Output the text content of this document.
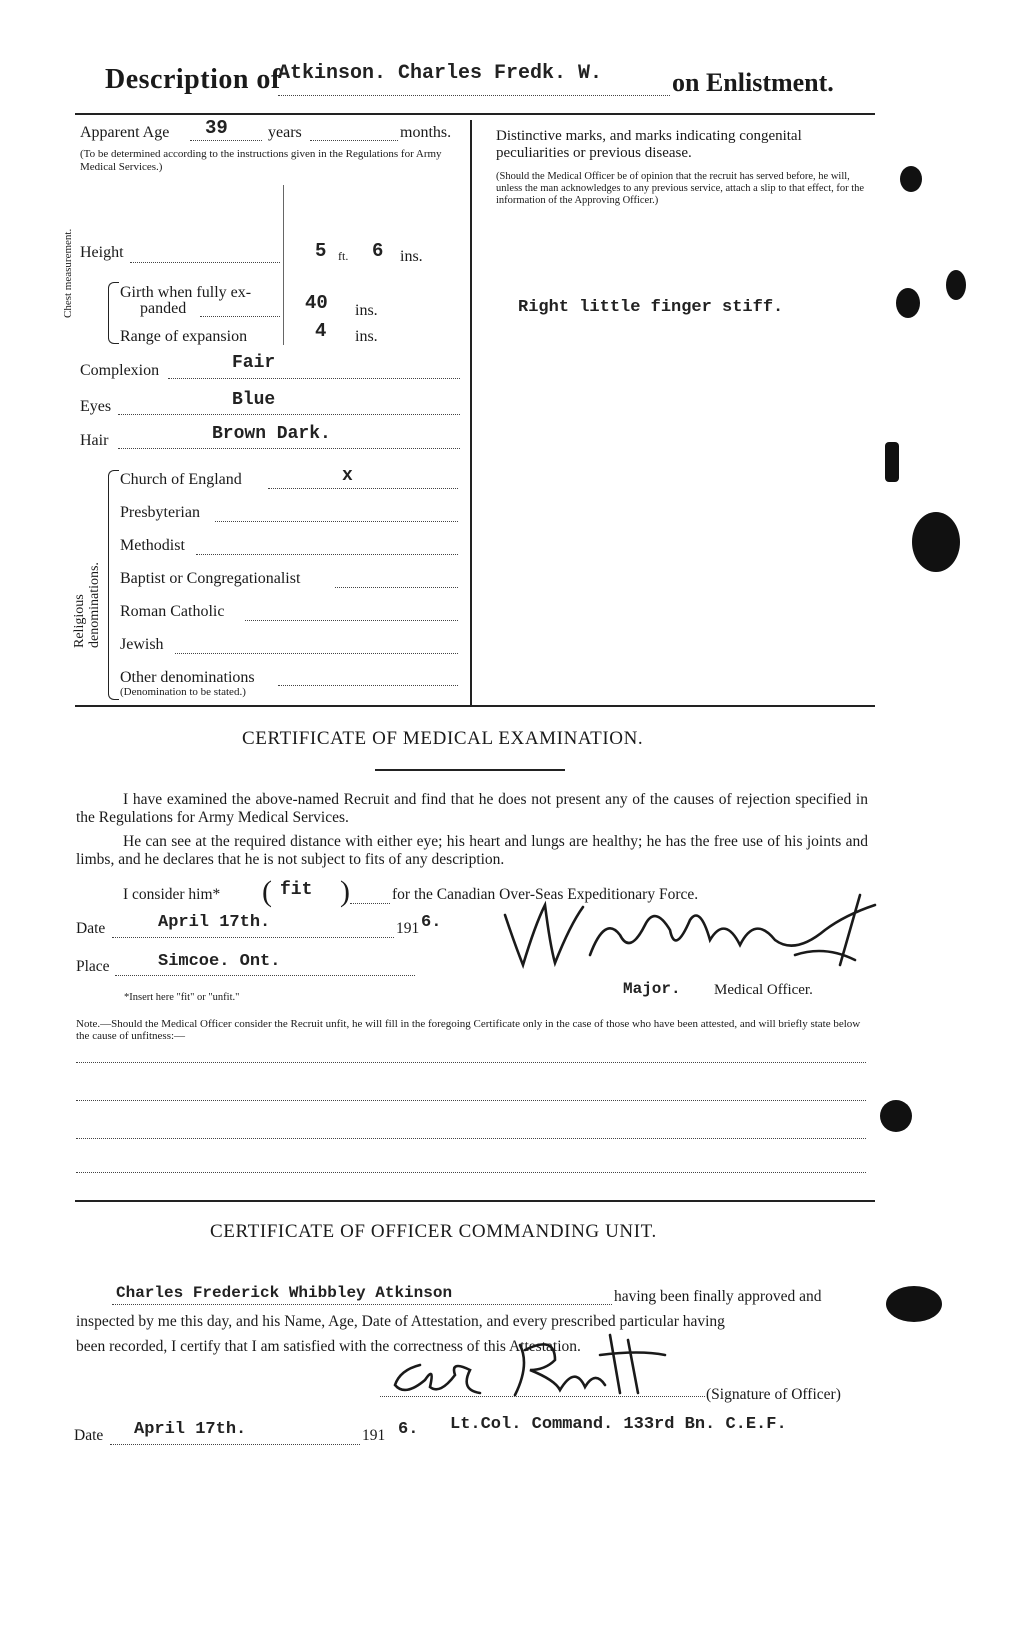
Description of
Atkinson. Charles Fredk. W.	on Enlistment.
Apparent Age 39	years	months.
(To be determined according to the instructions given in the Regulations for Army Medical Services.)
Height	5 ft. 6 ins.
Chest measurement.	Girth when fully ex-
panded	40 ins.
Range of expansion	4 ins.
Complexion	Fair
Eyes	Blue
Hair	Brown Dark.
Religious denominations.
Church of England	x
Presbyterian
Methodist
Baptist or Congregationalist
Roman Catholic
Jewish
Other denominations
(Denomination to be stated.)
Distinctive marks, and marks indicating congenital peculiarities or previous disease.
(Should the Medical Officer be of opinion that the recruit has served before, he will, unless the man acknowledges to any previous service, attach a slip to that effect, for the information of the Approving Officer.)
Right little finger stiff.
CERTIFICATE OF MEDICAL EXAMINATION.
I have examined the above-named Recruit and find that he does not present any of the causes of rejection specified in the Regulations for Army Medical Services.
He can see at the required distance with either eye; his heart and lungs are healthy; he has the free use of his joints and limbs, and he declares that he is not subject to fits of any description.
I consider him* ( fit )	for the Canadian Over-Seas Expeditionary Force.
Date	April 17th.	191 6.
Place	Simcoe. Ont.
*Insert here "fit" or "unfit."	Major. Medical Officer.
Note.—Should the Medical Officer consider the Recruit unfit, he will fill in the foregoing Certificate only in the case of those who have been attested, and will briefly state below the cause of unfitness:—
CERTIFICATE OF OFFICER COMMANDING UNIT.
Charles Frederick Whibbley Atkinson	having been finally approved and
inspected by me this day, and his Name, Age, Date of Attestation, and every prescribed particular having
been recorded, I certify that I am satisfied with the correctness of this Attestation.
(Signature of Officer)
Date April 17th.	191 6. Lt.Col. Command. 133rd Bn. C.E.F.
